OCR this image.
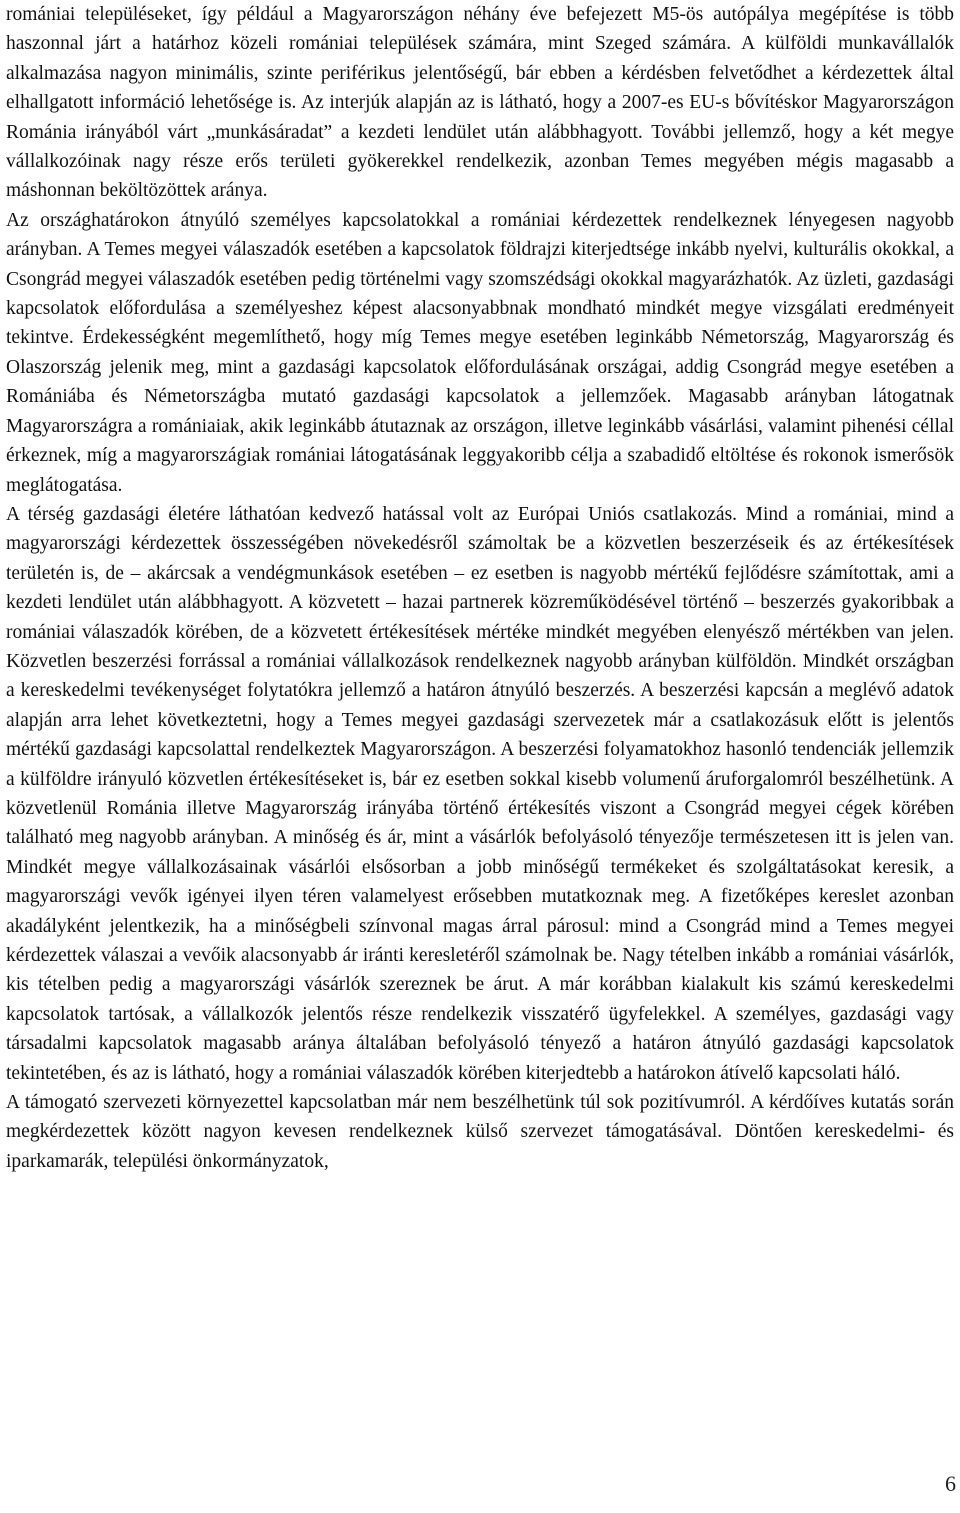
romániai településeket, így például a Magyarországon néhány éve befejezett M5-ös autópálya megépítése is több haszonnal járt a határhoz közeli romániai települések számára, mint Szeged számára. A külföldi munkavállalók alkalmazása nagyon minimális, szinte periférikus jelentőségű, bár ebben a kérdésben felvetődhet a kérdezettek által elhallgatott információ lehetősége is. Az interjúk alapján az is látható, hogy a 2007-es EU-s bővítéskor Magyarországon Románia irányából várt „munkásáradat” a kezdeti lendület után alábbhagyott. További jellemző, hogy a két megye vállalkozóinak nagy része erős területi gyökerekkel rendelkezik, azonban Temes megyében mégis magasabb a máshonnan beköltözöttek aránya.

Az országhatárokon átnyúló személyes kapcsolatokkal a romániai kérdezettek rendelkeznek lényegesen nagyobb arányban. A Temes megyei válaszadók esetében a kapcsolatok földrajzi kiterjedtsége inkább nyelvi, kulturális okokkal, a Csongrád megyei válaszadók esetében pedig történelmi vagy szomszédsági okokkal magyarázhatók. Az üzleti, gazdasági kapcsolatok előfordulása a személyeshez képest alacsonyabbnak mondható mindkét megye vizsgálati eredményeit tekintve. Érdekességként megemlíthető, hogy míg Temes megye esetében leginkább Németország, Magyarország és Olaszország jelenik meg, mint a gazdasági kapcsolatok előfordulásának országai, addig Csongrád megye esetében a Romániába és Németországba mutató gazdasági kapcsolatok a jellemzőek. Magasabb arányban látogatnak Magyarországra a romániaiak, akik leginkább átutaznak az országon, illetve leginkább vásárlási, valamint pihenési céllal érkeznek, míg a magyarországiak romániai látogatásának leggyakoribb célja a szabadidő eltöltése és rokonok ismerősök meglátogatása.

A térség gazdasági életére láthatóan kedvező hatással volt az Európai Uniós csatlakozás. Mind a romániai, mind a magyarországi kérdezettek összességében növekedésről számoltak be a közvetlen beszerzéseik és az értékesítések területén is, de – akárcsak a vendégmunkások esetében – ez esetben is nagyobb mértékű fejlődésre számítottak, ami a kezdeti lendület után alábbhagyott. A közvetett – hazai partnerek közreműködésével történő – beszerzés gyakoribbak a romániai válaszadók körében, de a közvetett értékesítések mértéke mindkét megyében elenyésző mértékben van jelen. Közvetlen beszerzési forrással a romániai vállalkozások rendelkeznek nagyobb arányban külföldön. Mindkét országban a kereskedelmi tevékenységet folytatókra jellemző a határon átnyúló beszerzés. A beszerzési kapcsán a meglévő adatok alapján arra lehet következtetni, hogy a Temes megyei gazdasági szervezetek már a csatlakozásuk előtt is jelentős mértékű gazdasági kapcsolattal rendelkeztek Magyarországon. A beszerzési folyamatokhoz hasonló tendenciák jellemzik a külföldre irányuló közvetlen értékesítéseket is, bár ez esetben sokkal kisebb volumenű áruforgalomról beszélhetünk. A közvetlenül Románia illetve Magyarország irányába történő értékesítés viszont a Csongrád megyei cégek körében található meg nagyobb arányban. A minőség és ár, mint a vásárlók befolyásoló tényezője természetesen itt is jelen van. Mindkét megye vállalkozásainak vásárlói elsősorban a jobb minőségű termékeket és szolgáltatásokat keresik, a magyarországi vevők igényei ilyen téren valamelyest erősebben mutatkoznak meg. A fizetőképes kereslet azonban akadályként jelentkezik, ha a minőségbeli színvonal magas árral párosul: mind a Csongrád mind a Temes megyei kérdezettek válaszai a vevőik alacsonyabb ár iránti keresletéről számolnak be. Nagy tételben inkább a romániai vásárlók, kis tételben pedig a magyarországi vásárlók szereznek be árut. A már korábban kialakult kis számú kereskedelmi kapcsolatok tartósak, a vállalkozók jelentős része rendelkezik visszatérő ügyfelekkel. A személyes, gazdasági vagy társadalmi kapcsolatok magasabb aránya általában befolyásoló tényező a határon átnyúló gazdasági kapcsolatok tekintetében, és az is látható, hogy a romániai válaszadók körében kiterjedtebb a határokon átívelő kapcsolati háló.

A támogató szervezeti környezettel kapcsolatban már nem beszélhetünk túl sok pozitívumról. A kérdőíves kutatás során megkérdezettek között nagyon kevesen rendelkeznek külső szervezet támogatásával. Döntően kereskedelmi- és iparkamarák, települési önkormányzatok,

6
